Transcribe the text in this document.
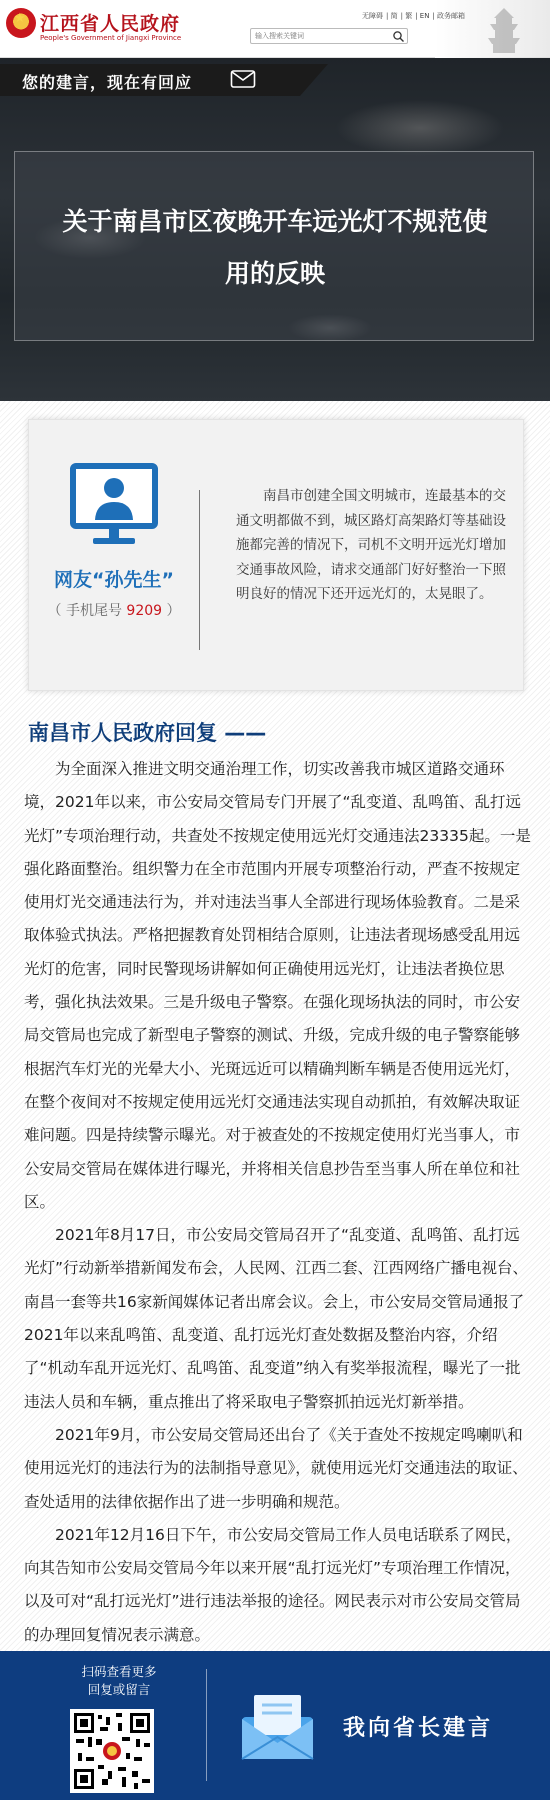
★
江西省人民政府
People's Government of Jiangxi Province
无障碍 | 简 | 繁 | EN | 政务邮箱
输入搜索关键词
您的建言，现在有回应
关于南昌市区夜晚开车远光灯不规范使用的反映
网友“孙先生”
（ 手机尾号 9209 ）
南昌市创建全国文明城市，连最基本的交通文明都做不到，城区路灯高架路灯等基础设施都完善的情况下，司机不文明开远光灯增加交通事故风险，请求交通部门好好整治一下照明良好的情况下还开远光灯的，太晃眼了。
南昌市人民政府回复 ——

为全面深入推进文明交通治理工作，切实改善我市城区道路交通环境，2021年以来，市公安局交管局专门开展了“乱变道、乱鸣笛、乱打远光灯”专项治理行动，共查处不按规定使用远光灯交通违法23335起。一是强化路面整治。组织警力在全市范围内开展专项整治行动，严查不按规定使用灯光交通违法行为，并对违法当事人全部进行现场体验教育。二是采取体验式执法。严格把握教育处罚相结合原则，让违法者现场感受乱用远光灯的危害，同时民警现场讲解如何正确使用远光灯，让违法者换位思考，强化执法效果。三是升级电子警察。在强化现场执法的同时，市公安局交管局也完成了新型电子警察的测试、升级，完成升级的电子警察能够根据汽车灯光的光晕大小、光斑远近可以精确判断车辆是否使用远光灯，在整个夜间对不按规定使用远光灯交通违法实现自动抓拍，有效解决取证难问题。四是持续警示曝光。对于被查处的不按规定使用灯光当事人，市公安局交管局在媒体进行曝光，并将相关信息抄告至当事人所在单位和社区。

2021年8月17日，市公安局交管局召开了“乱变道、乱鸣笛、乱打远光灯”行动新举措新闻发布会，人民网、江西二套、江西网络广播电视台、南昌一套等共16家新闻媒体记者出席会议。会上，市公安局交管局通报了2021年以来乱鸣笛、乱变道、乱打远光灯查处数据及整治内容，介绍了“机动车乱开远光灯、乱鸣笛、乱变道”纳入有奖举报流程，曝光了一批违法人员和车辆，重点推出了将采取电子警察抓拍远光灯新举措。

2021年9月，市公安局交管局还出台了《关于查处不按规定鸣喇叭和使用远光灯的违法行为的法制指导意见》，就使用远光灯交通违法的取证、查处适用的法律依据作出了进一步明确和规范。

2021年12月16日下午，市公安局交管局工作人员电话联系了网民，向其告知市公安局交管局今年以来开展“乱打远光灯”专项治理工作情况，以及可对“乱打远光灯”进行违法举报的途径。网民表示对市公安局交管局的办理回复情况表示满意。

扫码查看更多
回复或留言
我向省长建言
